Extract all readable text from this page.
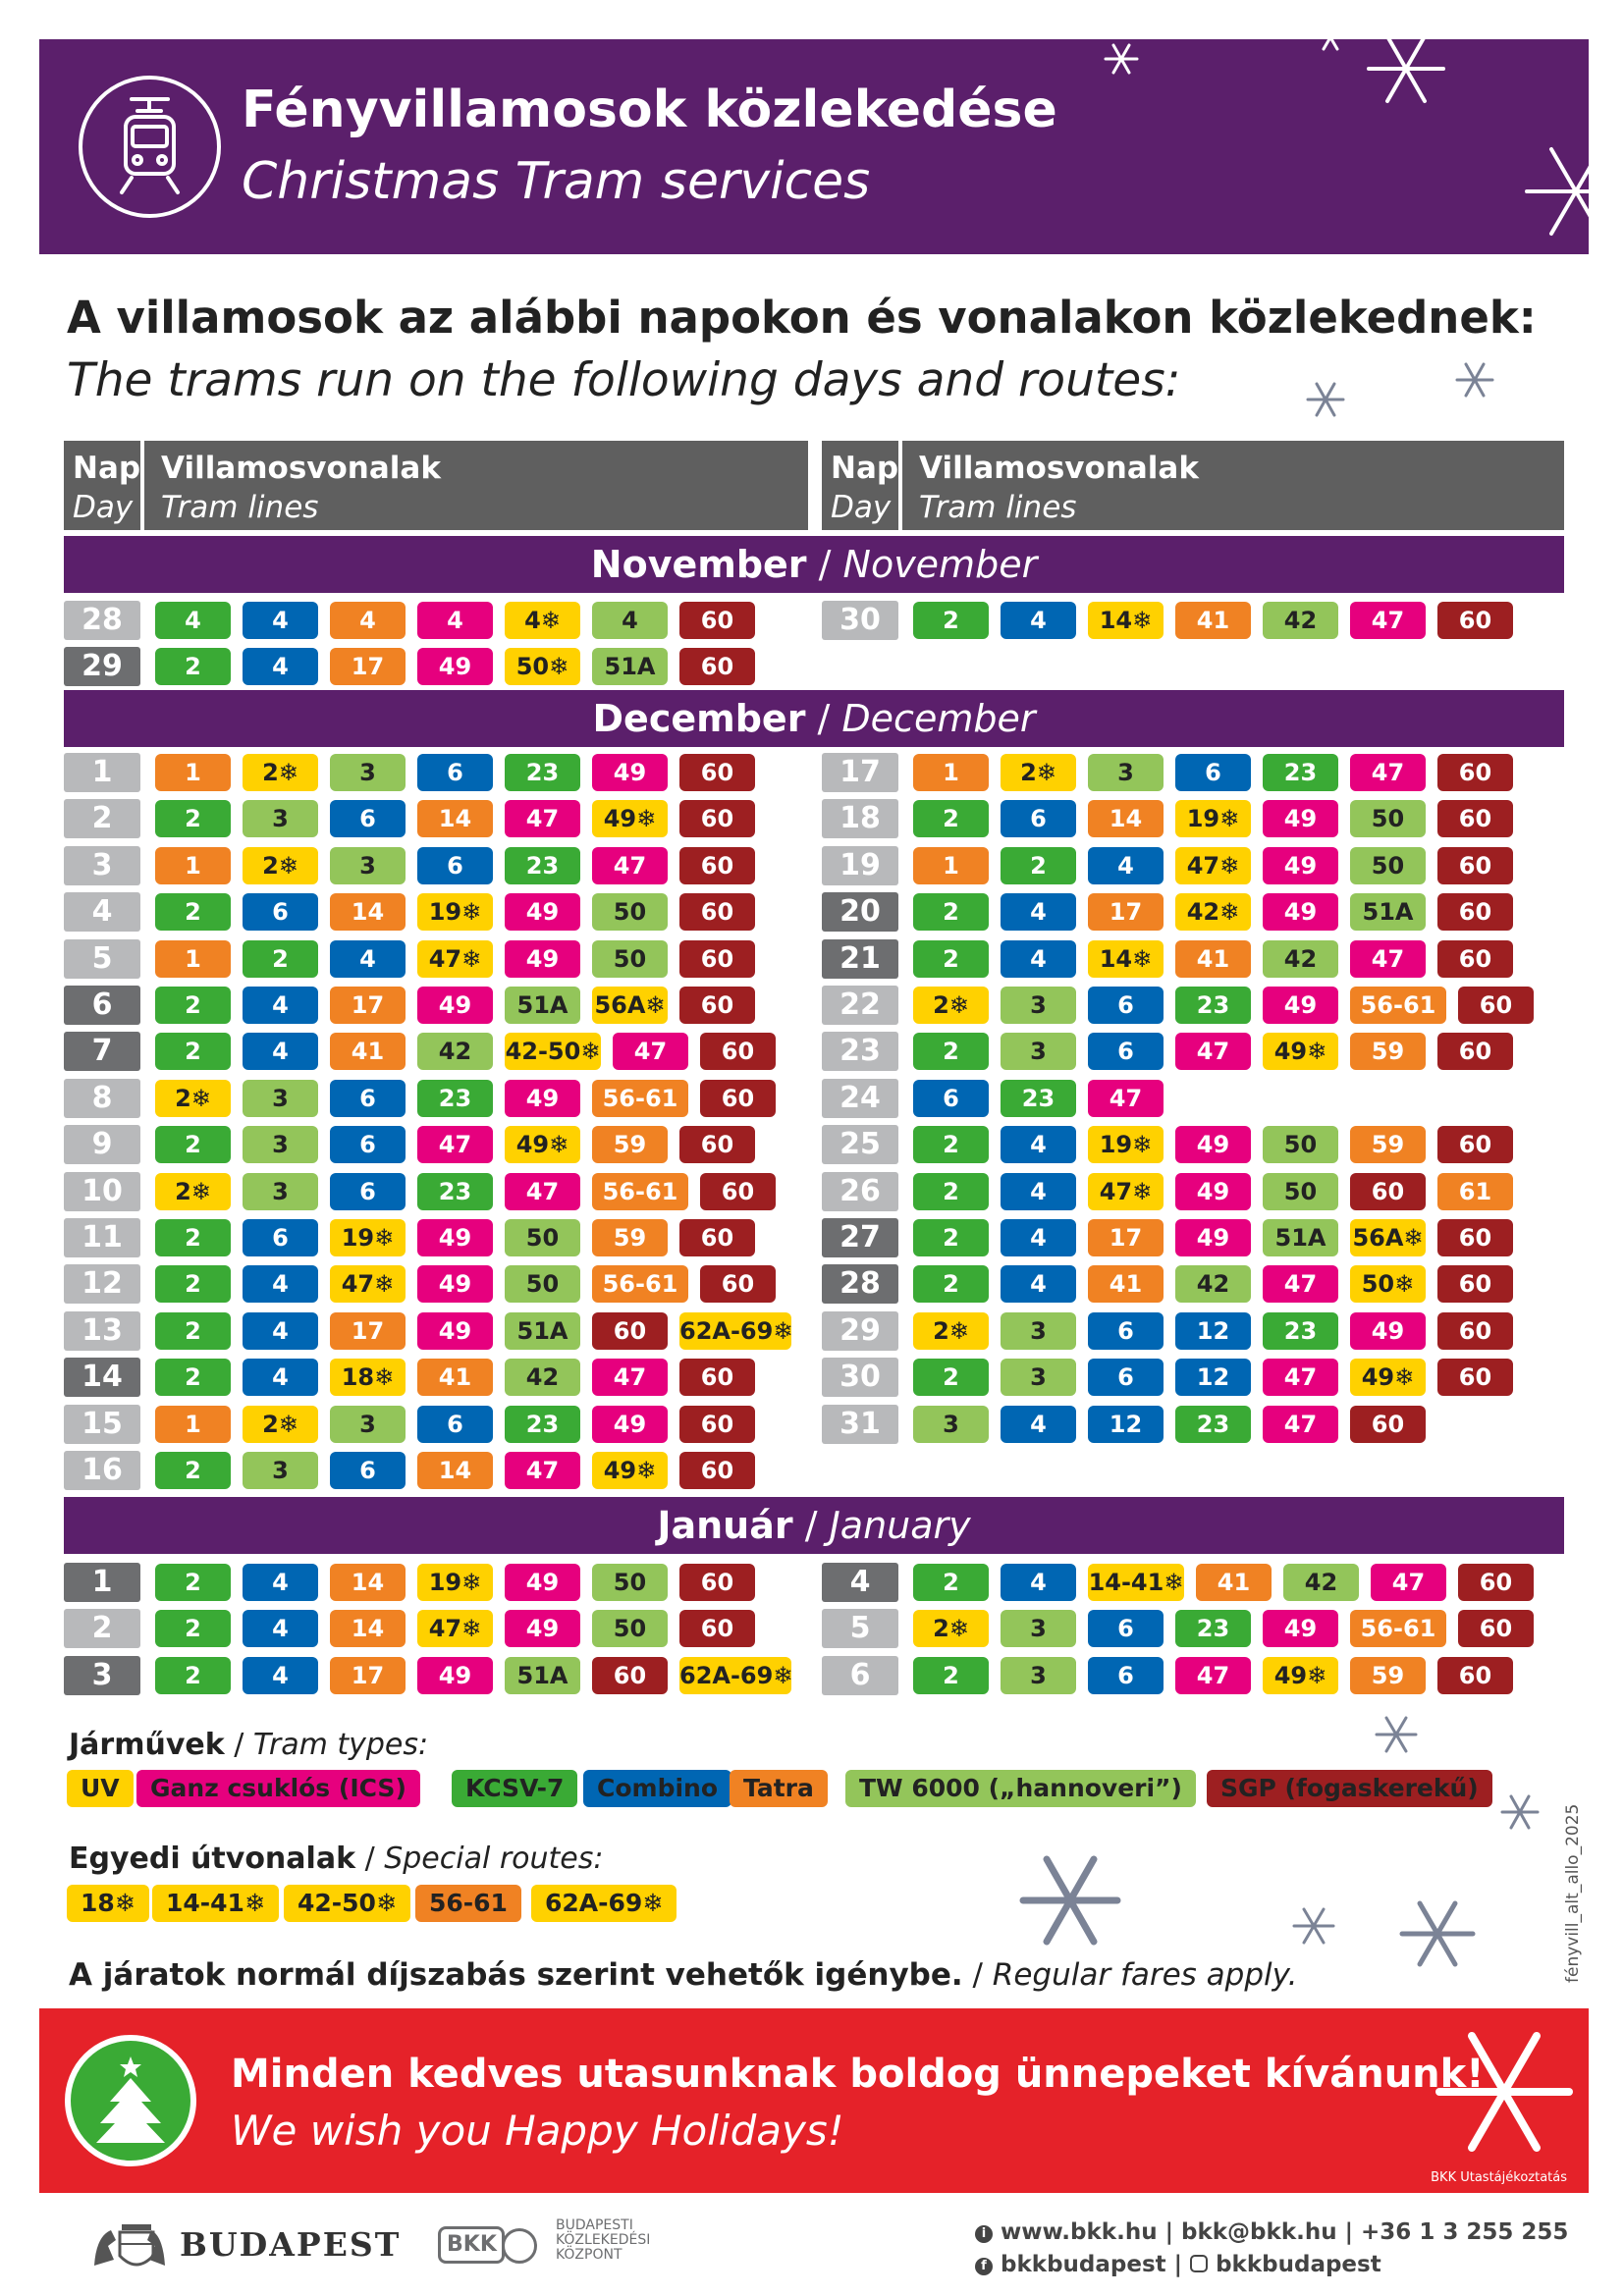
Fényvillamosok közlekedése
Christmas Tram services
A villamosok az alábbi napokon és vonalakon közlekednek:
The trams run on the following days and routes:
Nap
Day
Villamosvonalak
Tram lines
Nap
Day
Villamosvonalak
Tram lines
November / November
December / December
Január / January
28	4	4	4	4	4❄	4	60
29	2	4	17	49	50❄	51A	60
30	2	4	14❄	41	42	47	60
1	1	2❄	3	6	23	49	60
2	2	3	6	14	47	49❄	60
3	1	2❄	3	6	23	47	60
4	2	6	14	19❄	49	50	60
5	1	2	4	47❄	49	50	60
6	2	4	17	49	51A	56A❄	60
7	2	4	41	42	42-50❄	47	60
8	2❄	3	6	23	49	56-61	60
9	2	3	6	47	49❄	59	60
10	2❄	3	6	23	47	56-61	60
11	2	6	19❄	49	50	59	60
12	2	4	47❄	49	50	56-61	60
13	2	4	17	49	51A	60	62A-69❄
14	2	4	18❄	41	42	47	60
15	1	2❄	3	6	23	49	60
16	2	3	6	14	47	49❄	60
17	1	2❄	3	6	23	47	60
18	2	6	14	19❄	49	50	60
19	1	2	4	47❄	49	50	60
20	2	4	17	42❄	49	51A	60
21	2	4	14❄	41	42	47	60
22	2❄	3	6	23	49	56-61	60
23	2	3	6	47	49❄	59	60
24	6	23	47
25	2	4	19❄	49	50	59	60
26	2	4	47❄	49	50	60	61
27	2	4	17	49	51A	56A❄	60
28	2	4	41	42	47	50❄	60
29	2❄	3	6	12	23	49	60
30	2	3	6	12	47	49❄	60
31	3	4	12	23	47	60
1	2	4	14	19❄	49	50	60
2	2	4	14	47❄	49	50	60
3	2	4	17	49	51A	60	62A-69❄
4	2	4	14-41❄	41	42	47	60
5	2❄	3	6	23	49	56-61	60
6	2	3	6	47	49❄	59	60
Járművek / Tram types:
UV	Ganz csuklós (ICS)	KCSV-7	Combino	Tatra	TW 6000 („hannoveri”)	SGP (fogaskerekű)
Egyedi útvonalak / Special routes:
18❄	14-41❄	42-50❄	56-61	62A-69❄
A járatok normál díjszabás szerint vehetők igénybe. / Regular fares apply.	fényvill_alt_allo_2025
Minden kedves utasunknak boldog ünnepeket kívánunk!
We wish you Happy Holidays!
BKK Utastájékoztatás
BUDAPEST	BKK
BUDAPESTI
KÖZLEKEDÉSI
KÖZPONT
i www.bkk.hu | bkk@bkk.hu | +36 1 3 255 255
f bkkbudapest |  bkkbudapest
